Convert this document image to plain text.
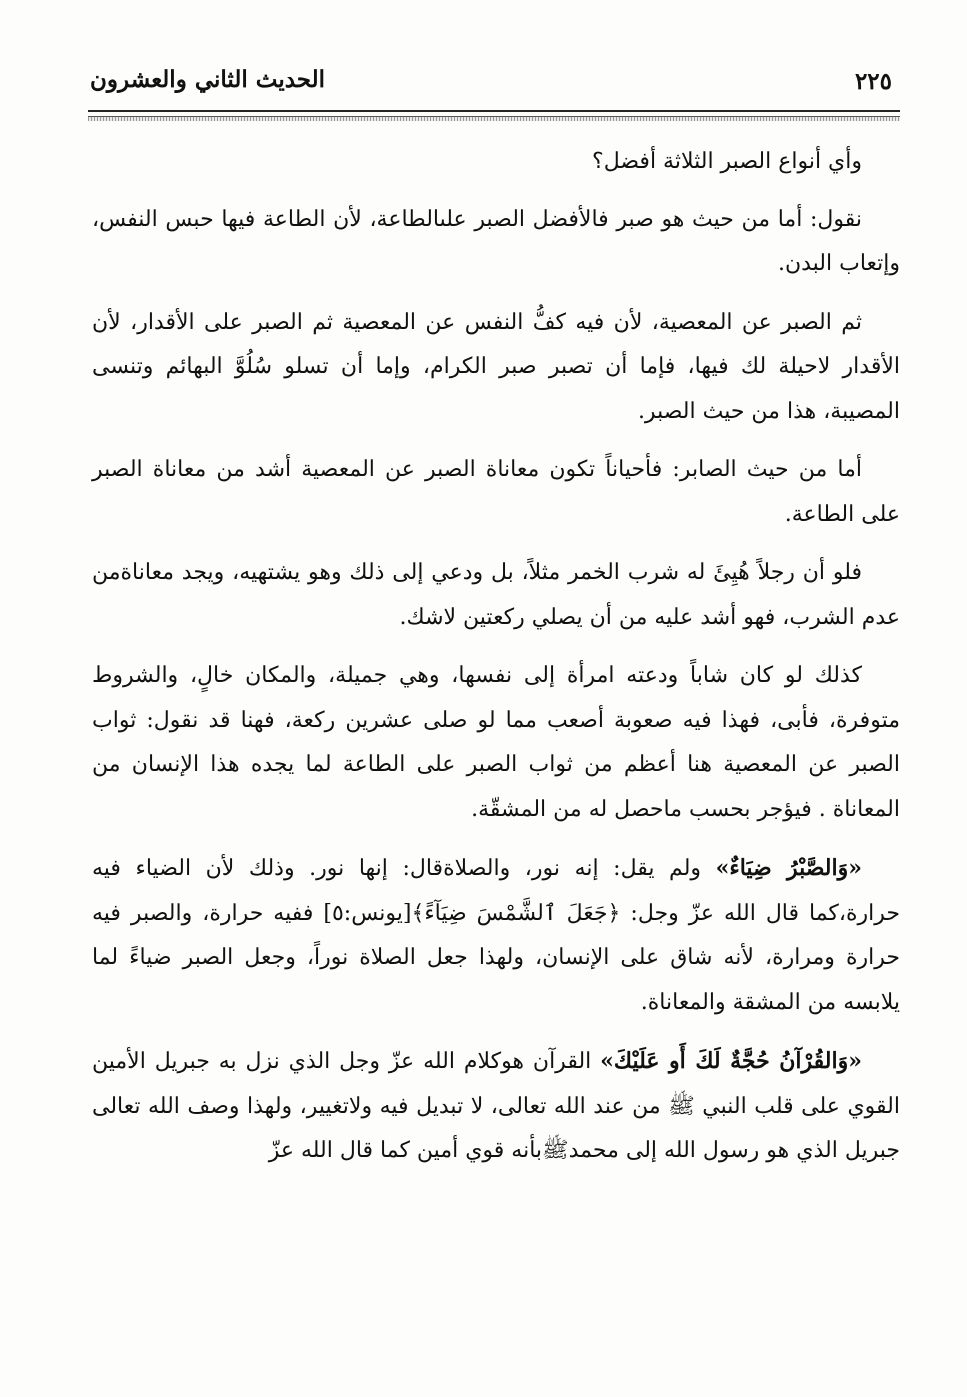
٢٢٥
الحديث الثاني والعشرون

وأي أنواع الصبر الثلاثة أفضل؟

نقول: أما من حيث هو صبر فالأفضل الصبر علىالطاعة، لأن الطاعة فيها حبس النفس، وإتعاب البدن.

ثم الصبر عن المعصية، لأن فيه كفُّ النفس عن المعصية ثم الصبر على الأقدار، لأن الأقدار لاحيلة لك فيها، فإما أن تصبر صبر الكرام، وإما أن تسلو سُلُوَّ البهائم وتنسى المصيبة، هذا من حيث الصبر.

أما من حيث الصابر: فأحياناً تكون معاناة الصبر عن المعصية أشد من معاناة الصبر على الطاعة.

فلو أن رجلاً هُيِئَ له شرب الخمر مثلاً، بل ودعي إلى ذلك وهو يشتهيه، ويجد معاناةمن عدم الشرب، فهو أشد عليه من أن يصلي ركعتين لاشك.

كذلك لو كان شاباً ودعته امرأة إلى نفسها، وهي جميلة، والمكان خالٍ، والشروط متوفرة، فأبى، فهذا فيه صعوبة أصعب مما لو صلى عشرين ركعة، فهنا قد نقول: ثواب الصبر عن المعصية هنا أعظم من ثواب الصبر على الطاعة لما يجده هذا الإنسان من المعاناة . فيؤجر بحسب ماحصل له من المشقّة.

«وَالصَّبْرُ ضِيَاءٌ» ولم يقل: إنه نور، والصلاةقال: إنها نور. وذلك لأن الضياء فيه حرارة،كما قال الله عزّ وجل: ﴿جَعَلَ ٱلشَّمْسَ ضِيَآءً﴾[يونس:٥] ففيه حرارة، والصبر فيه حرارة ومرارة، لأنه شاق على الإنسان، ولهذا جعل الصلاة نوراً، وجعل الصبر ضياءً لما يلابسه من المشقة والمعاناة.

«وَالقُرْآنُ حُجَّةٌ لَكَ أَو عَلَيْكَ» القرآن هوكلام الله عزّ وجل الذي نزل به جبريل الأمين القوي على قلب النبي ﷺ من عند الله تعالى، لا تبديل فيه ولاتغيير، ولهذا وصف الله تعالى جبريل الذي هو رسول الله إلى محمدﷺبأنه قوي أمين كما قال الله عزّ
